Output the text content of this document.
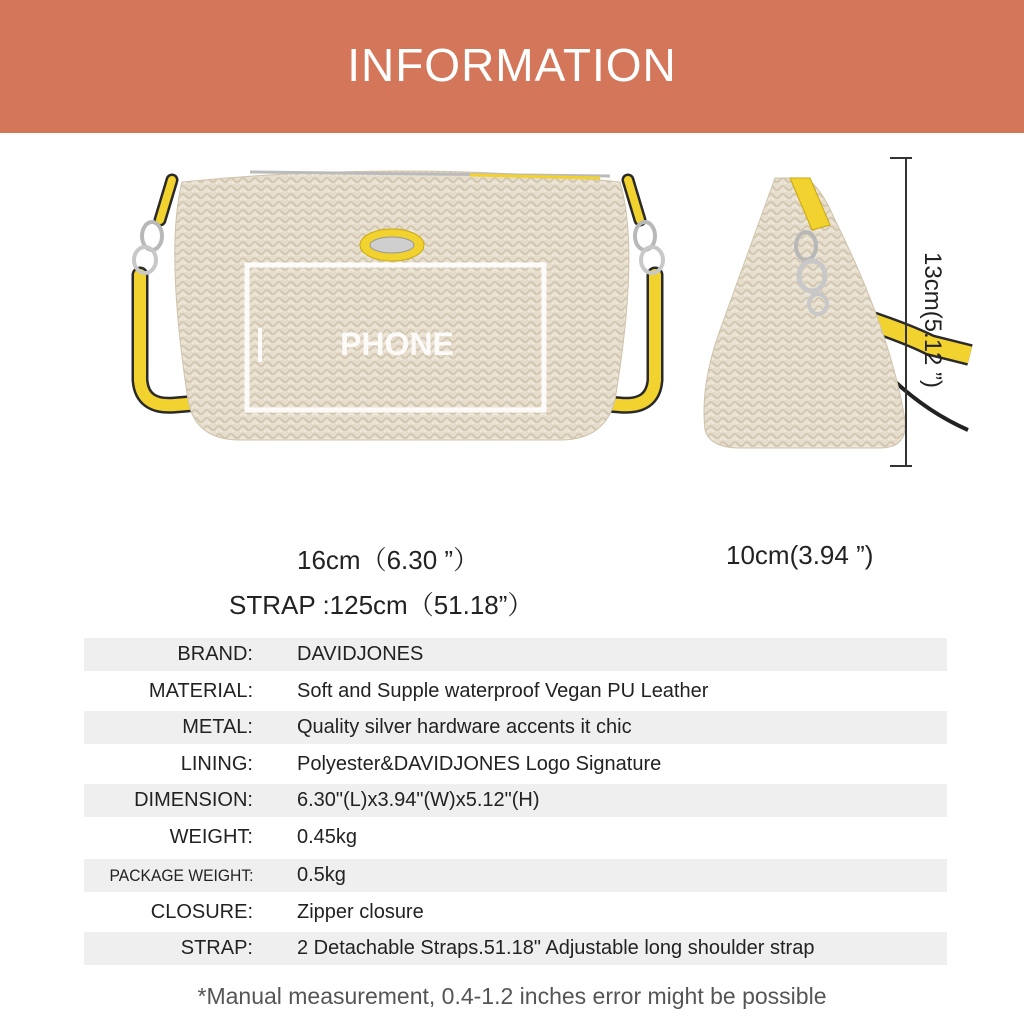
INFORMATION
PHONE	13cm(5.12 ”)
16cm（6.30 ”）	10cm(3.94 ”)
STRAP :125cm（51.18”）
BRAND: DAVIDJONES
MATERIAL: Soft and Supple waterproof Vegan PU Leather
METAL: Quality silver hardware accents it chic
LINING: Polyester&DAVIDJONES Logo Signature
DIMENSION: 6.30"(L)x3.94"(W)x5.12"(H)
WEIGHT: 0.45kg
PACKAGE WEIGHT: 0.5kg
CLOSURE: Zipper closure
STRAP: 2 Detachable Straps.51.18" Adjustable long shoulder strap
*Manual measurement, 0.4-1.2 inches error might be possible
